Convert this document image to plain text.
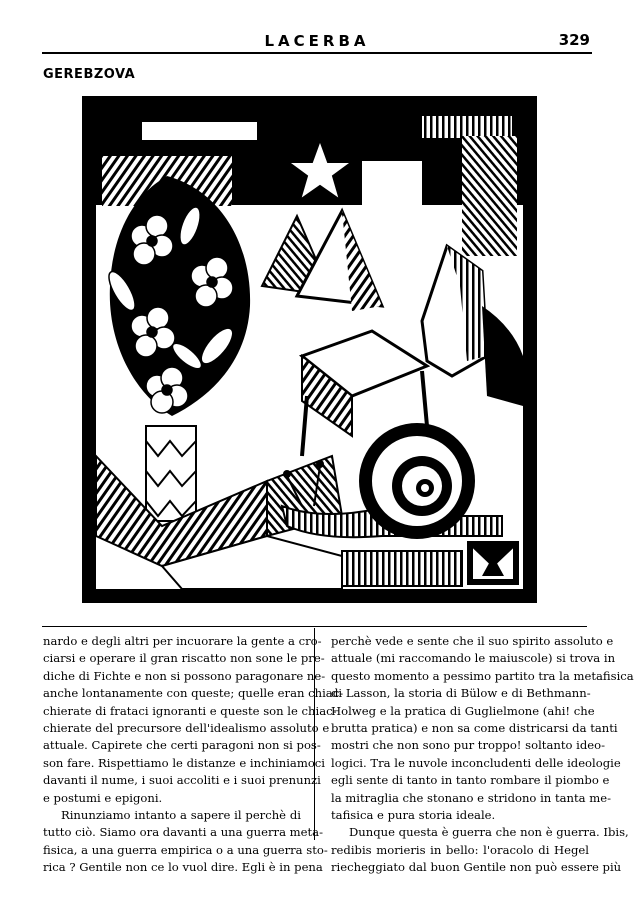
LACERBA	329
GEREBZOVA
nardo e degli altri per incuorare la gente a cro-
ciarsi e operare il gran riscatto non sone le pre-
diche di Fichte e non si possono paragonare ne-
anche lontanamente con queste; quelle eran chiac-
chierate di frataci ignoranti e queste son le chiac-
chierate del precursore dell'idealismo assoluto e
attuale. Capirete che certi paragoni non si pos-
son fare. Rispettiamo le distanze e inchiniamoci
davanti il nume, i suoi accoliti e i suoi prenunzi
e postumi e epigoni.
Rinunziamo intanto a sapere il perchè di
tutto ciò. Siamo ora davanti a una guerra meta-
fisica, a una guerra empirica o a una guerra sto-
rica ? Gentile non ce lo vuol dire. Egli è in pena
perchè vede e sente che il suo spirito assoluto e
attuale (mi raccomando le maiuscole) si trova in
questo momento a pessimo partito tra la metafisica
di Lasson, la storia di Bülow e di Bethmann-
Holweg e la pratica di Guglielmone (ahi! che
brutta pratica) e non sa come districarsi da tanti
mostri che non sono pur troppo! soltanto ideo-
logici. Tra le nuvole inconcludenti delle ideologie
egli sente di tanto in tanto rombare il piombo e
la mitraglia che stonano e stridono in tanta me-
tafisica e pura storia ideale.
Dunque questa è guerra che non è guerra. Ibis,
redibis morieris in bello: l'oracolo di Hegel
riecheggiato dal buon Gentile non può essere più
